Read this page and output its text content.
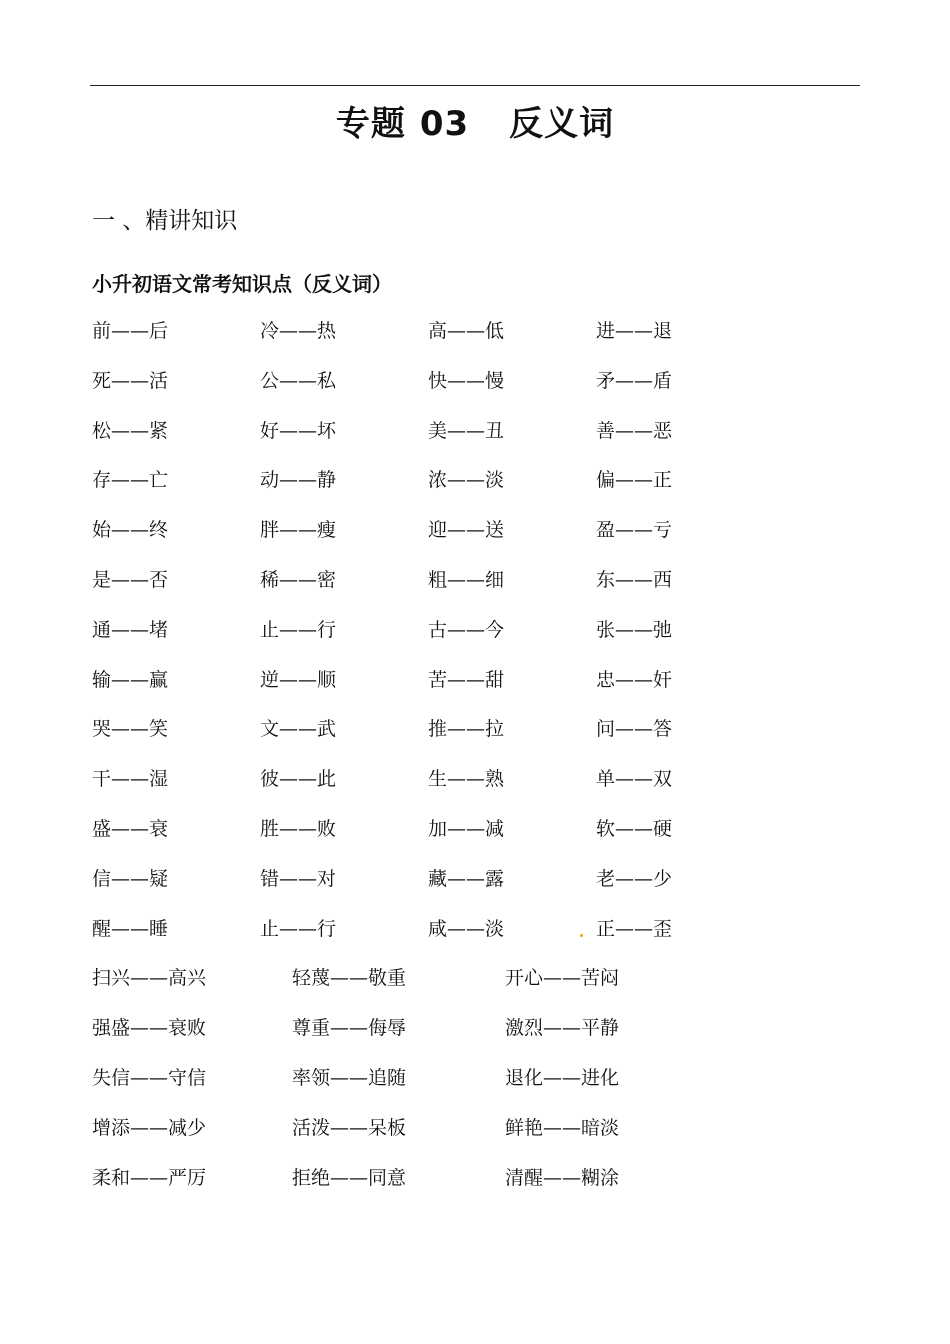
专题 03 反义词
一 、精讲知识
小升初语文常考知识点（反义词）
前——后	冷——热	高——低	进——退
死——活	公——私	快——慢	矛——盾
松——紧	好——坏	美——丑	善——恶
存——亡	动——静	浓——淡	偏——正
始——终	胖——瘦	迎——送	盈——亏
是——否	稀——密	粗——细	东——西
通——堵	止——行	古——今	张——弛
输——赢	逆——顺	苦——甜	忠——奸
哭——笑	文——武	推——拉	问——答
干——湿	彼——此	生——熟	单——双
盛——衰	胜——败	加——减	软——硬
信——疑	错——对	藏——露	老——少
醒——睡	止——行	咸——淡	正——歪
扫兴——高兴	轻蔑——敬重	开心——苦闷
强盛——衰败	尊重——侮辱	激烈——平静
失信——守信	率领——追随	退化——进化
增添——减少	活泼——呆板	鲜艳——暗淡
柔和——严厉	拒绝——同意	清醒——糊涂
